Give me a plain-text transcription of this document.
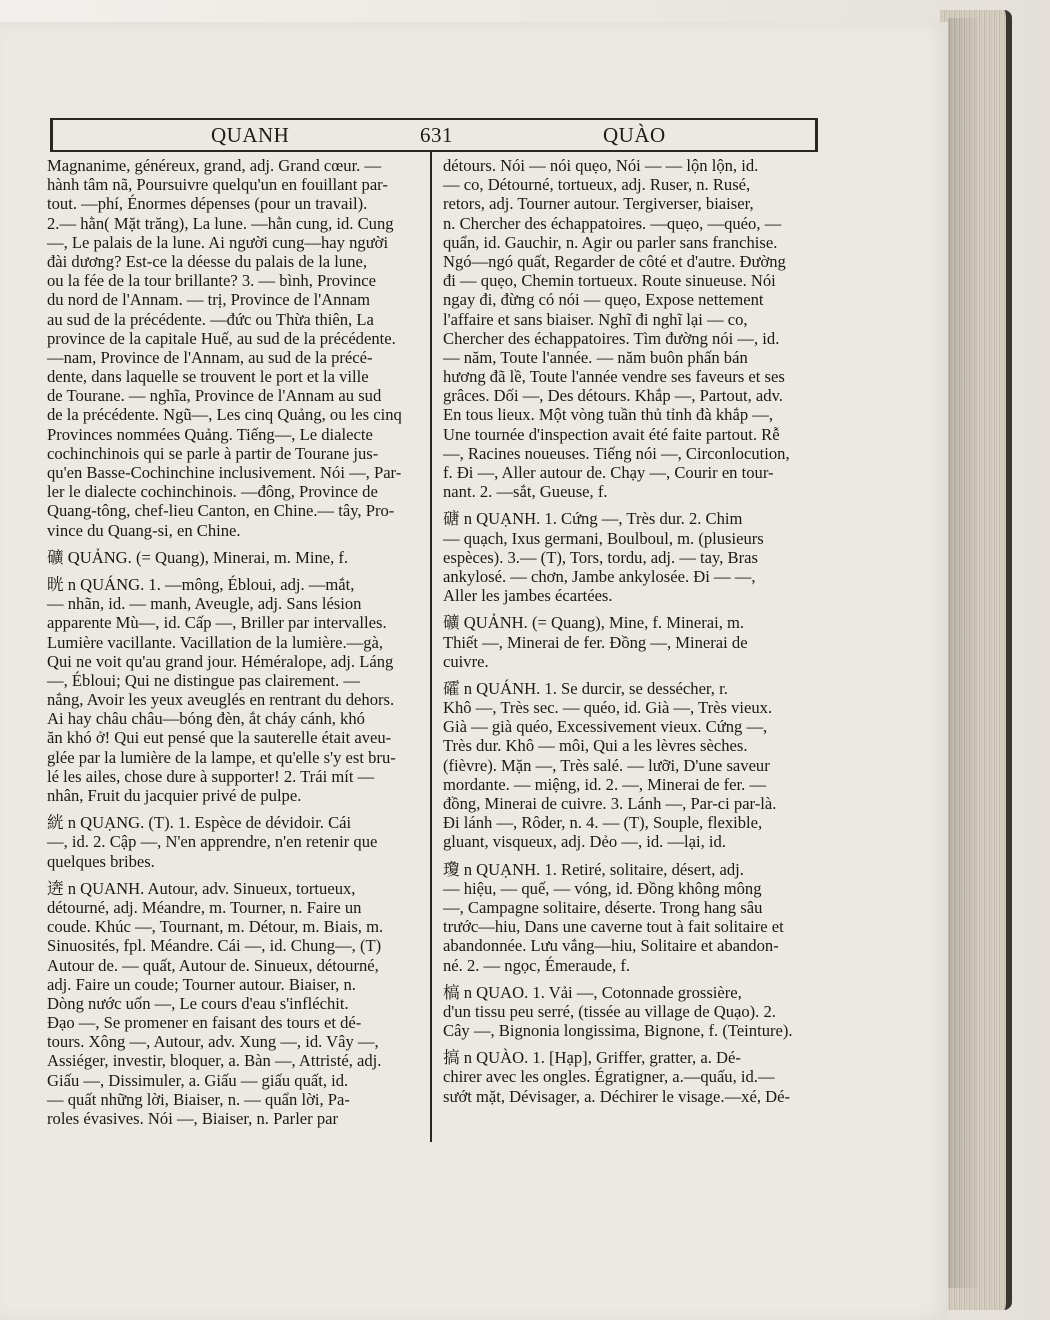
QUANH	631	QUÀO
Magnanime, généreux, grand, adj. Grand cœur. —
hành tâm nã, Poursuivre quelqu'un en fouillant par-
tout. —phí, Énormes dépenses (pour un travail).
2.— hằn( Mặt trăng), La lune. —hằn cung, id. Cung
—, Le palais de la lune. Ai người cung—hay người
đài dương? Est-ce la déesse du palais de la lune,
ou la fée de la tour brillante? 3. — bình, Province
du nord de l'Annam. — trị, Province de l'Annam
au sud de la précédente. —đức ou Thừa thiên, La
province de la capitale Huế, au sud de la précédente.
—nam, Province de l'Annam, au sud de la précé-
dente, dans laquelle se trouvent le port et la ville
de Tourane. — nghĩa, Province de l'Annam au sud
de la précédente. Ngũ—, Les cinq Quảng, ou les cinq
Provinces nommées Quảng. Tiếng—, Le dialecte
cochinchinois qui se parle à partir de Tourane jus-
qu'en Basse-Cochinchine inclusivement. Nói —, Par-
ler le dialecte cochinchinois. —đông, Province de
Quang-tông, chef-lieu Canton, en Chine.— tây, Pro-
vince du Quang-si, en Chine.
礦 QUẢNG. (= Quang), Minerai, m. Mine, f.
晄 n QUÁNG. 1. —mông, Ébloui, adj. —mắt,
— nhãn, id. — manh, Aveugle, adj. Sans lésion
apparente Mù—, id. Cấp —, Briller par intervalles.
Lumière vacillante. Vacillation de la lumière.—gà,
Qui ne voit qu'au grand jour. Héméralope, adj. Láng
—, Ébloui; Qui ne distingue pas clairement. —
nắng, Avoir les yeux aveuglés en rentrant du dehors.
Ai hay châu châu—bóng đèn, ắt cháy cánh, khó
ăn khó ở! Qui eut pensé que la sauterelle était aveu-
glée par la lumière de la lampe, et qu'elle s'y est bru-
lé les ailes, chose dure à supporter! 2. Trái mít —
nhân, Fruit du jacquier privé de pulpe.
絖 n QUẠNG. (T). 1. Espèce de dévidoir. Cái
—, id. 2. Cập —, N'en apprendre, n'en retenir que
quelques bribes.
逩 n QUANH. Autour, adv. Sinueux, tortueux,
détourné, adj. Méandre, m. Tourner, n. Faire un
coude. Khúc —, Tournant, m. Détour, m. Biais, m.
Sinuosités, fpl. Méandre. Cái —, id. Chung—, (T)
Autour de. — quất, Autour de. Sinueux, détourné,
adj. Faire un coude; Tourner autour. Biaiser, n.
Dòng nước uốn —, Le cours d'eau s'infléchit.
Đạo —, Se promener en faisant des tours et dé-
tours. Xông —, Autour, adv. Xung —, id. Vây —,
Assiéger, investir, bloquer, a. Bàn —, Attristé, adj.
Giấu —, Dissimuler, a. Giấu — giấu quất, id.
— quất những lời, Biaiser, n. — quẩn lời, Pa-
roles évasives. Nói —, Biaiser, n. Parler par
détours. Nói — nói quẹo, Nói — — lộn lộn, id.
— co, Détourné, tortueux, adj. Ruser, n. Rusé,
retors, adj. Tourner autour. Tergiverser, biaiser,
n. Chercher des échappatoires. —quẹo, —quéo, —
quẩn, id. Gauchir, n. Agir ou parler sans franchise.
Ngó—ngó quất, Regarder de côté et d'autre. Đường
đi — quẹo, Chemin tortueux. Route sinueuse. Nói
ngay đi, đừng có nói — quẹo, Expose nettement
l'affaire et sans biaiser. Nghĩ đi nghĩ lại — co,
Chercher des échappatoires. Tìm đường nói —, id.
— năm, Toute l'année. — năm buôn phấn bán
hương đã lề, Toute l'année vendre ses faveurs et ses
grâces. Dối —, Des détours. Khắp —, Partout, adv.
En tous lieux. Một vòng tuần thủ tỉnh đà khắp —,
Une tournée d'inspection avait été faite partout. Rễ
—, Racines noueuses. Tiếng nói —, Circonlocution,
f. Đi —, Aller autour de. Chạy —, Courir en tour-
nant. 2. —sắt, Gueuse, f.
磄 n QUẠNH. 1. Cứng —, Très dur. 2. Chim
— quạch, Ixus germani, Boulboul, m. (plusieurs
espèces). 3.— (T), Tors, tordu, adj. — tay, Bras
ankylosé. — chơn, Jambe ankylosée. Đi — —,
Aller les jambes écartées.
礦 QUẢNH. (= Quang), Mine, f. Minerai, m.
Thiết —, Minerai de fer. Đồng —, Minerai de
cuivre.
礭 n QUÁNH. 1. Se durcir, se dessécher, r.
Khô —, Très sec. — quéo, id. Già —, Très vieux.
Già — già quéo, Excessivement vieux. Cứng —,
Très dur. Khô — môi, Qui a les lèvres sèches.
(fièvre). Mặn —, Très salé. — lưỡi, D'une saveur
mordante. — miệng, id. 2. —, Minerai de fer. —
đồng, Minerai de cuivre. 3. Lánh —, Par-ci par-là.
Đi lánh —, Rôder, n. 4. — (T), Souple, flexible,
gluant, visqueux, adj. Dẻo —, id. —lại, id.
瓊 n QUẠNH. 1. Retiré, solitaire, désert, adj.
— hiệu, — quế, — vóng, id. Đồng không mông
—, Campagne solitaire, déserte. Trong hang sâu
trước—hiu, Dans une caverne tout à fait solitaire et
abandonnée. Lưu vắng—hiu, Solitaire et abandon-
né. 2. — ngọc, Émeraude, f.
槁 n QUAO. 1. Vải —, Cotonnade grossière,
d'un tissu peu serré, (tissée au village de Quạo). 2.
Cây —, Bignonia longissima, Bignone, f. (Teinture).
搞 n QUÀO. 1. [Hạp], Griffer, gratter, a. Dé-
chirer avec les ongles. Égratigner, a.—quấu, id.—
sướt mặt, Dévisager, a. Déchirer le visage.—xé, Dé-
